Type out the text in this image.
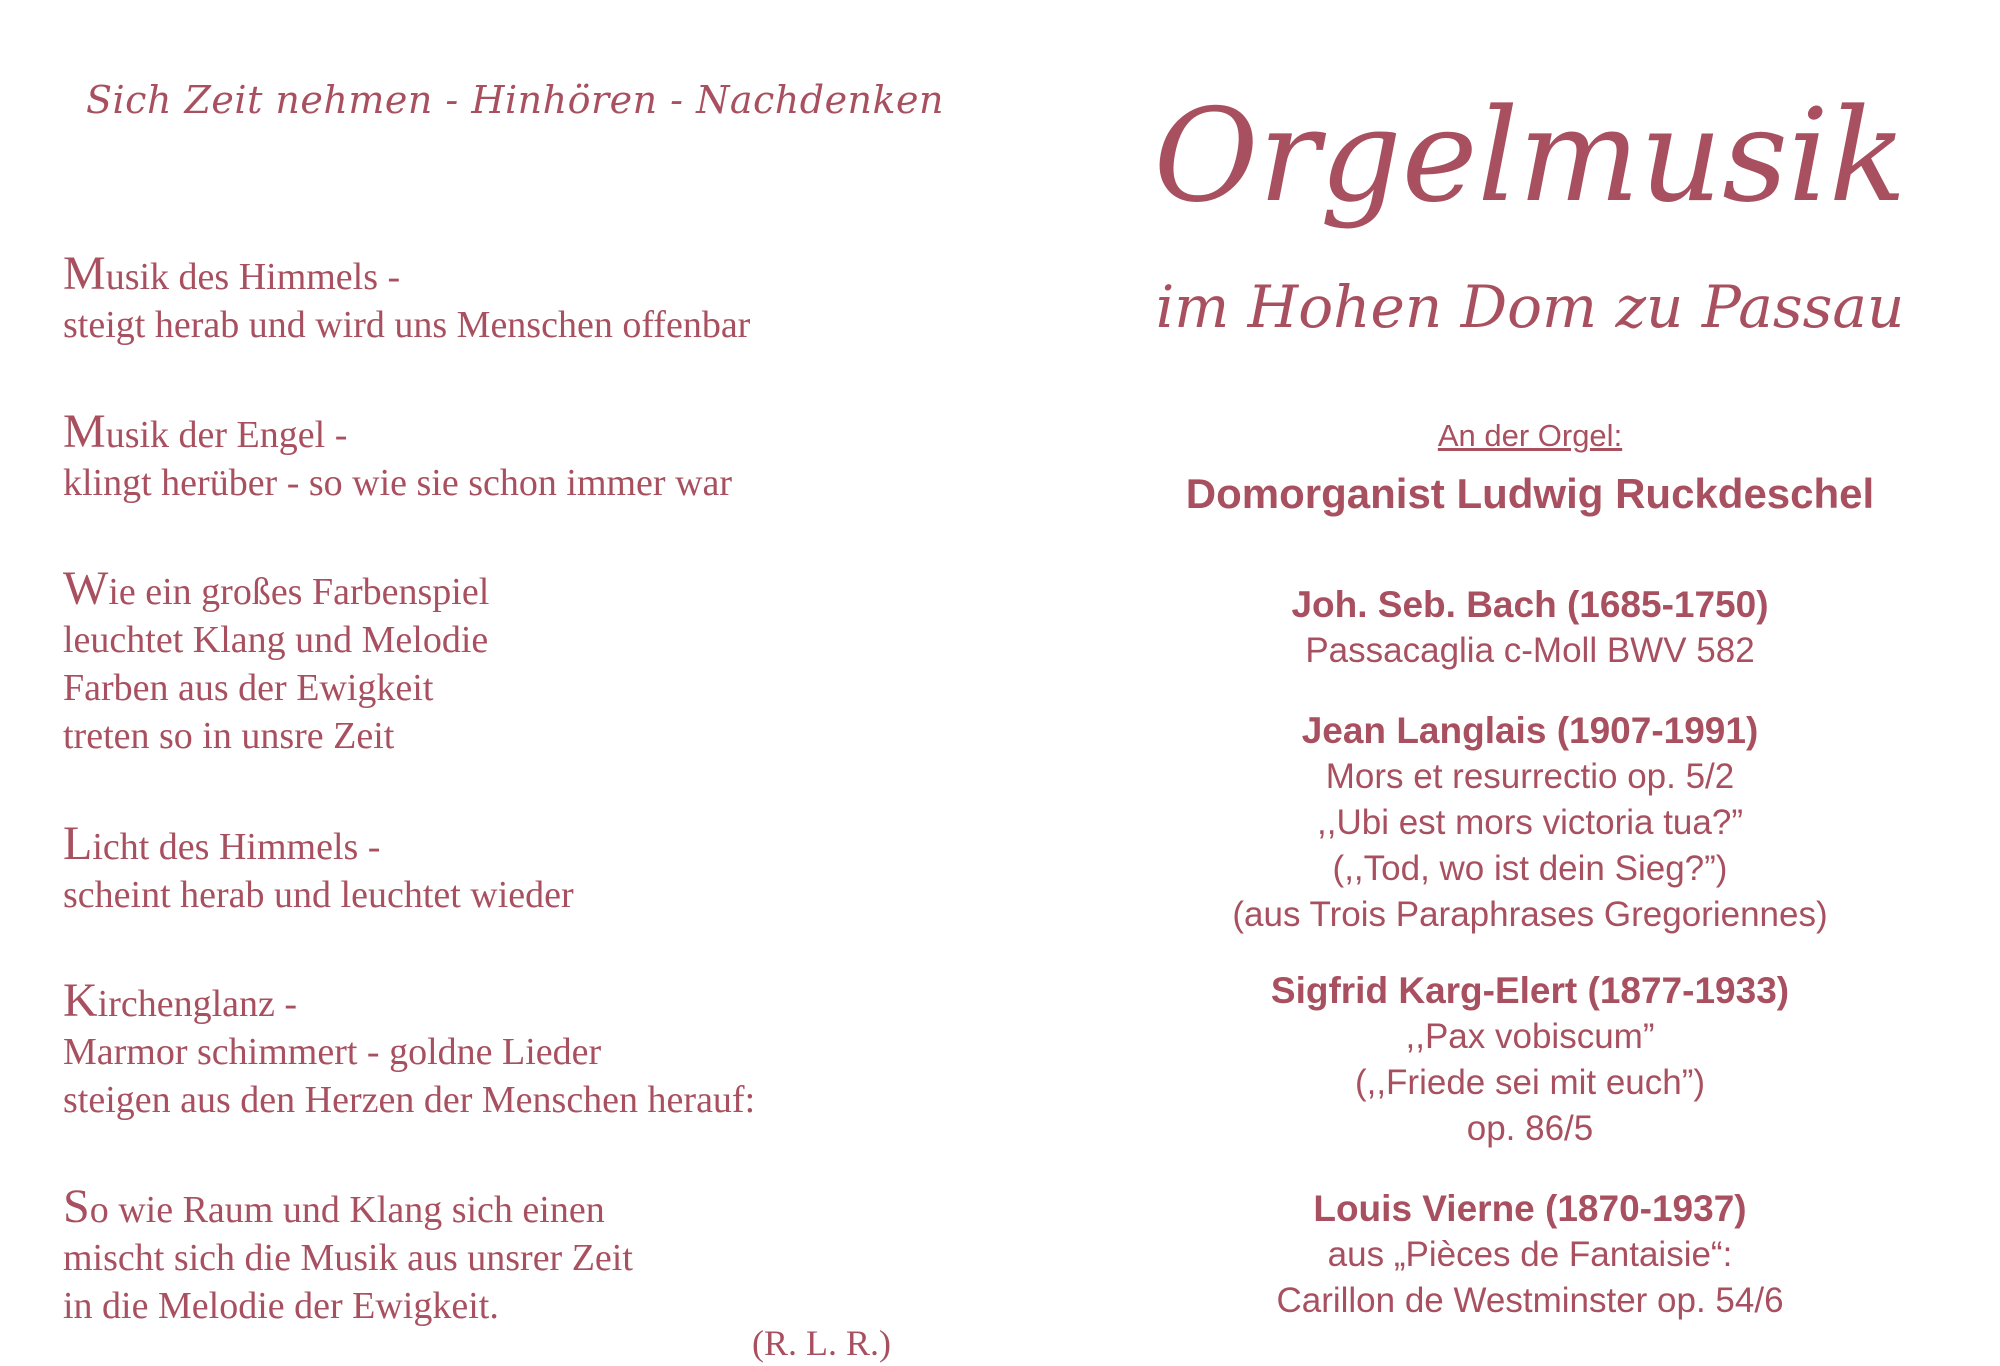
Sich Zeit nehmen - Hinhören - Nachdenken
Musik des Himmels -
steigt herab und wird uns Menschen offenbar
Musik der Engel -
klingt herüber - so wie sie schon immer war
Wie ein großes Farbenspiel
leuchtet Klang und Melodie
Farben aus der Ewigkeit
treten so in unsre Zeit
Licht des Himmels -
scheint herab und leuchtet wieder
Kirchenglanz -
Marmor schimmert - goldne Lieder
steigen aus den Herzen der Menschen herauf:
So wie Raum und Klang sich einen
mischt sich die Musik aus unsrer Zeit
in die Melodie der Ewigkeit.
(R. L. R.)
Orgelmusik
im Hohen Dom zu Passau
An der Orgel:
Domorganist Ludwig Ruckdeschel
Joh. Seb. Bach (1685-1750)
Passacaglia c-Moll BWV 582
Jean Langlais (1907-1991)
Mors et resurrectio op. 5/2
,,Ubi est mors victoria tua?”
(,,Tod, wo ist dein Sieg?”)
(aus Trois Paraphrases Gregoriennes)
Sigfrid Karg-Elert (1877-1933)
,,Pax vobiscum”
(,,Friede sei mit euch”)
op. 86/5
Louis Vierne (1870-1937)
aus „Pièces de Fantaisie“:
Carillon de Westminster op. 54/6
